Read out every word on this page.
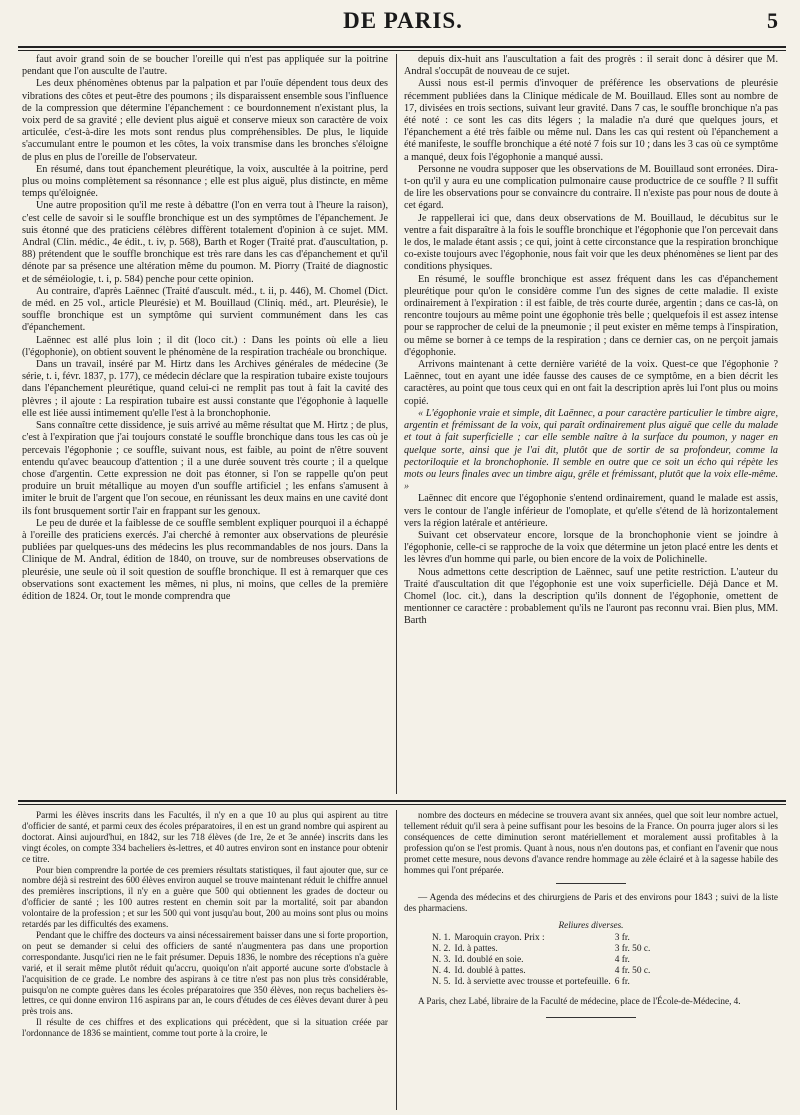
DE PARIS.	5

faut avoir grand soin de se boucher l'oreille qui n'est pas appliquée sur la poitrine pendant que l'on ausculte de l'autre.

Les deux phénomènes obtenus par la palpation et par l'ouïe dépendent tous deux des vibrations des côtes et peut-être des poumons ; ils disparaissent ensemble sous l'influence de la compression que détermine l'épanchement : ce bourdonnement n'existant plus, la voix perd de sa gravité ; elle devient plus aiguë et conserve mieux son caractère de voix articulée, c'est-à-dire les mots sont rendus plus compréhensibles. De plus, le liquide s'accumulant entre le poumon et les côtes, la voix transmise dans les bronches s'éloigne de plus en plus de l'oreille de l'observateur.

En résumé, dans tout épanchement pleurétique, la voix, auscultée à la poitrine, perd plus ou moins complètement sa résonnance ; elle est plus aiguë, plus distincte, en même temps qu'éloignée.

Une autre proposition qu'il me reste à débattre (l'on en verra tout à l'heure la raison), c'est celle de savoir si le souffle bronchique est un des symptômes de l'épanchement. Je suis étonné que des praticiens célèbres diffèrent totalement d'opinion à ce sujet. MM. Andral (Clin. médic., 4e édit., t. iv, p. 568), Barth et Roger (Traité prat. d'auscultation, p. 88) prétendent que le souffle bronchique est très rare dans les cas d'épanchement et qu'il dénote par sa présence une altération même du poumon. M. Piorry (Traité de diagnostic et de séméiologie, t. i, p. 584) penche pour cette opinion.

Au contraire, d'après Laënnec (Traité d'auscult. méd., t. ii, p. 446), M. Chomel (Dict. de méd. en 25 vol., article Pleurésie) et M. Bouillaud (Cliniq. méd., art. Pleurésie), le souffle bronchique est un symptôme qui survient communément dans les cas d'épanchement.

Laënnec est allé plus loin ; il dit (loco cit.) : Dans les points où elle a lieu (l'égophonie), on obtient souvent le phénomène de la respiration trachéale ou bronchique.

Dans un travail, inséré par M. Hirtz dans les Archives générales de médecine (3e série, t. i, févr. 1837, p. 177), ce médecin déclare que la respiration tubaire existe toujours dans l'épanchement pleurétique, quand celui-ci ne remplit pas tout à fait la cavité des plèvres ; il ajoute : La respiration tubaire est aussi constante que l'égophonie à laquelle elle est liée aussi intimement qu'elle l'est à la bronchophonie.

Sans connaître cette dissidence, je suis arrivé au même résultat que M. Hirtz ; de plus, c'est à l'expiration que j'ai toujours constaté le souffle bronchique dans tous les cas où je percevais l'égophonie ; ce souffle, suivant nous, est faible, au point de n'être souvent entendu qu'avec beaucoup d'attention ; il a une durée souvent très courte ; il a quelque chose d'argentin. Cette expression ne doit pas étonner, si l'on se rappelle qu'on peut produire un bruit métallique au moyen d'un souffle artificiel ; les enfans s'amusent à imiter le bruit de l'argent que l'on secoue, en réunissant les deux mains en une cavité dont ils font brusquement sortir l'air en frappant sur les genoux.

Le peu de durée et la faiblesse de ce souffle semblent expliquer pourquoi il a échappé à l'oreille des praticiens exercés. J'ai cherché à remonter aux observations de pleurésie publiées par quelques-uns des médecins les plus recommandables de nos jours. Dans la Clinique de M. Andral, édition de 1840, on trouve, sur de nombreuses observations de pleurésie, une seule où il soit question de souffle bronchique. Il est à remarquer que ces observations sont exactement les mêmes, ni plus, ni moins, que celles de la première édition de 1824. Or, tout le monde comprendra que

depuis dix-huit ans l'auscultation a fait des progrès : il serait donc à désirer que M. Andral s'occupât de nouveau de ce sujet.

Aussi nous est-il permis d'invoquer de préférence les observations de pleurésie récemment publiées dans la Clinique médicale de M. Bouillaud. Elles sont au nombre de 17, divisées en trois sections, suivant leur gravité. Dans 7 cas, le souffle bronchique n'a pas été noté : ce sont les cas dits légers ; la maladie n'a duré que quelques jours, et l'épanchement a été très faible ou même nul. Dans les cas qui restent où l'épanchement a été manifeste, le souffle bronchique a été noté 7 fois sur 10 ; dans les 3 cas où ce symptôme a manqué, deux fois l'égophonie a manqué aussi.

Personne ne voudra supposer que les observations de M. Bouillaud sont erronées. Dira-t-on qu'il y aura eu une complication pulmonaire cause productrice de ce souffle ? Il suffit de lire les observations pour se convaincre du contraire. Il n'existe pas pour nous de doute à cet égard.

Je rappellerai ici que, dans deux observations de M. Bouillaud, le décubitus sur le ventre a fait disparaître à la fois le souffle bronchique et l'égophonie que l'on percevait dans le dos, le malade étant assis ; ce qui, joint à cette circonstance que la respiration bronchique co-existe toujours avec l'égophonie, nous fait voir que les deux phénomènes se lient par des conditions physiques.

En résumé, le souffle bronchique est assez fréquent dans les cas d'épanchement pleurétique pour qu'on le considère comme l'un des signes de cette maladie. Il existe ordinairement à l'expiration : il est faible, de très courte durée, argentin ; dans ce cas-là, on rencontre toujours au même point une égophonie très belle ; quelquefois il est assez intense pour se rapprocher de celui de la pneumonie ; il peut exister en même temps à l'inspiration, ou même se borner à ce temps de la respiration ; dans ce dernier cas, on ne perçoit jamais d'égophonie.

Arrivons maintenant à cette dernière variété de la voix. Quest-ce que l'égophonie ? Laënnec, tout en ayant une idée fausse des causes de ce symptôme, en a bien décrit les caractères, au point que tous ceux qui en ont fait la description après lui l'ont plus ou moins copié.

« L'égophonie vraie et simple, dit Laënnec, a pour caractère particulier le timbre aigre, argentin et frémissant de la voix, qui paraît ordinairement plus aiguë que celle du malade et tout à fait superficielle ; car elle semble naître à la surface du poumon, y nager en quelque sorte, ainsi que je l'ai dit, plutôt que de sortir de sa profondeur, comme la pectoriloquie et la bronchophonie. Il semble en outre que ce soit un écho qui répète les mots ou leurs finales avec un timbre aigu, grêle et frémissant, plutôt que la voix elle-même. »

Laënnec dit encore que l'égophonie s'entend ordinairement, quand le malade est assis, vers le contour de l'angle inférieur de l'omoplate, et qu'elle s'étend de là horizontalement vers la région latérale et antérieure.

Suivant cet observateur encore, lorsque de la bronchophonie vient se joindre à l'égophonie, celle-ci se rapproche de la voix que détermine un jeton placé entre les dents et les lèvres d'un homme qui parle, ou bien encore de la voix de Polichinelle.

Nous admettons cette description de Laënnec, sauf une petite restriction. L'auteur du Traité d'auscultation dit que l'égophonie est une voix superficielle. Déjà Dance et M. Chomel (loc. cit.), dans la description qu'ils donnent de l'égophonie, omettent de mentionner ce caractère : probablement qu'ils ne l'auront pas reconnu vrai. Bien plus, MM. Barth

Parmi les élèves inscrits dans les Facultés, il n'y en a que 10 au plus qui aspirent au titre d'officier de santé, et parmi ceux des écoles préparatoires, il en est un grand nombre qui aspirent au doctorat. Ainsi aujourd'hui, en 1842, sur les 718 élèves (de 1re, 2e et 3e année) inscrits dans les vingt écoles, on compte 334 bacheliers ès-lettres, et 40 autres environ sont en instance pour obtenir ce titre.

Pour bien comprendre la portée de ces premiers résultats statistiques, il faut ajouter que, sur ce nombre déjà si restreint des 600 élèves environ auquel se trouve maintenant réduit le chiffre annuel des premières inscriptions, il n'y en a guère que 500 qui obtiennent les grades de docteur ou d'officier de santé ; les 100 autres restent en chemin soit par la mortalité, soit par abandon volontaire de la profession ; et sur les 500 qui vont jusqu'au bout, 200 au moins sont plus ou moins retardés par les difficultés des examens.

Pendant que le chiffre des docteurs va ainsi nécessairement baisser dans une si forte proportion, on peut se demander si celui des officiers de santé n'augmentera pas dans une proportion correspondante. Jusqu'ici rien ne le fait présumer. Depuis 1836, le nombre des réceptions n'a guère varié, et il serait même plutôt réduit qu'accru, quoiqu'on n'ait apporté aucune sorte d'obstacle à l'acquisition de ce grade. Le nombre des aspirans à ce titre n'est pas non plus très considérable, puisqu'on ne compte guères dans les écoles préparatoires que 350 élèves, non reçus bacheliers ès-lettres, ce qui donne environ 116 aspirans par an, le cours d'études de ces élèves devant durer à peu près trois ans.

Il résulte de ces chiffres et des explications qui précèdent, que si la situation créée par l'ordonnance de 1836 se maintient, comme tout porte à la croire, le

nombre des docteurs en médecine se trouvera avant six années, quel que soit leur nombre actuel, tellement réduit qu'il sera à peine suffisant pour les besoins de la France. On pourra juger alors si les conséquences de cette diminution seront matériellement et moralement aussi profitables à la profession qu'on se l'est promis. Quant à nous, nous n'en doutons pas, et confiant en l'avenir que nous promet cette mesure, nous devons d'avance rendre hommage au zèle éclairé et à la sagesse habile des hommes qui l'ont préparée.

— Agenda des médecins et des chirurgiens de Paris et des environs pour 1843 ; suivi de la liste des pharmaciens.

Reliures diverses.
N. 1.	Maroquin crayon. Prix :	3 fr.
N. 2.	Id. à pattes.	3 fr. 50 c.
N. 3.	Id. doublé en soie.	4 fr.
N. 4.	Id. doublé à pattes.	4 fr. 50 c.
N. 5.	Id. à serviette avec trousse et portefeuille.	6 fr.

A Paris, chez Labé, libraire de la Faculté de médecine, place de l'École-de-Médecine, 4.
